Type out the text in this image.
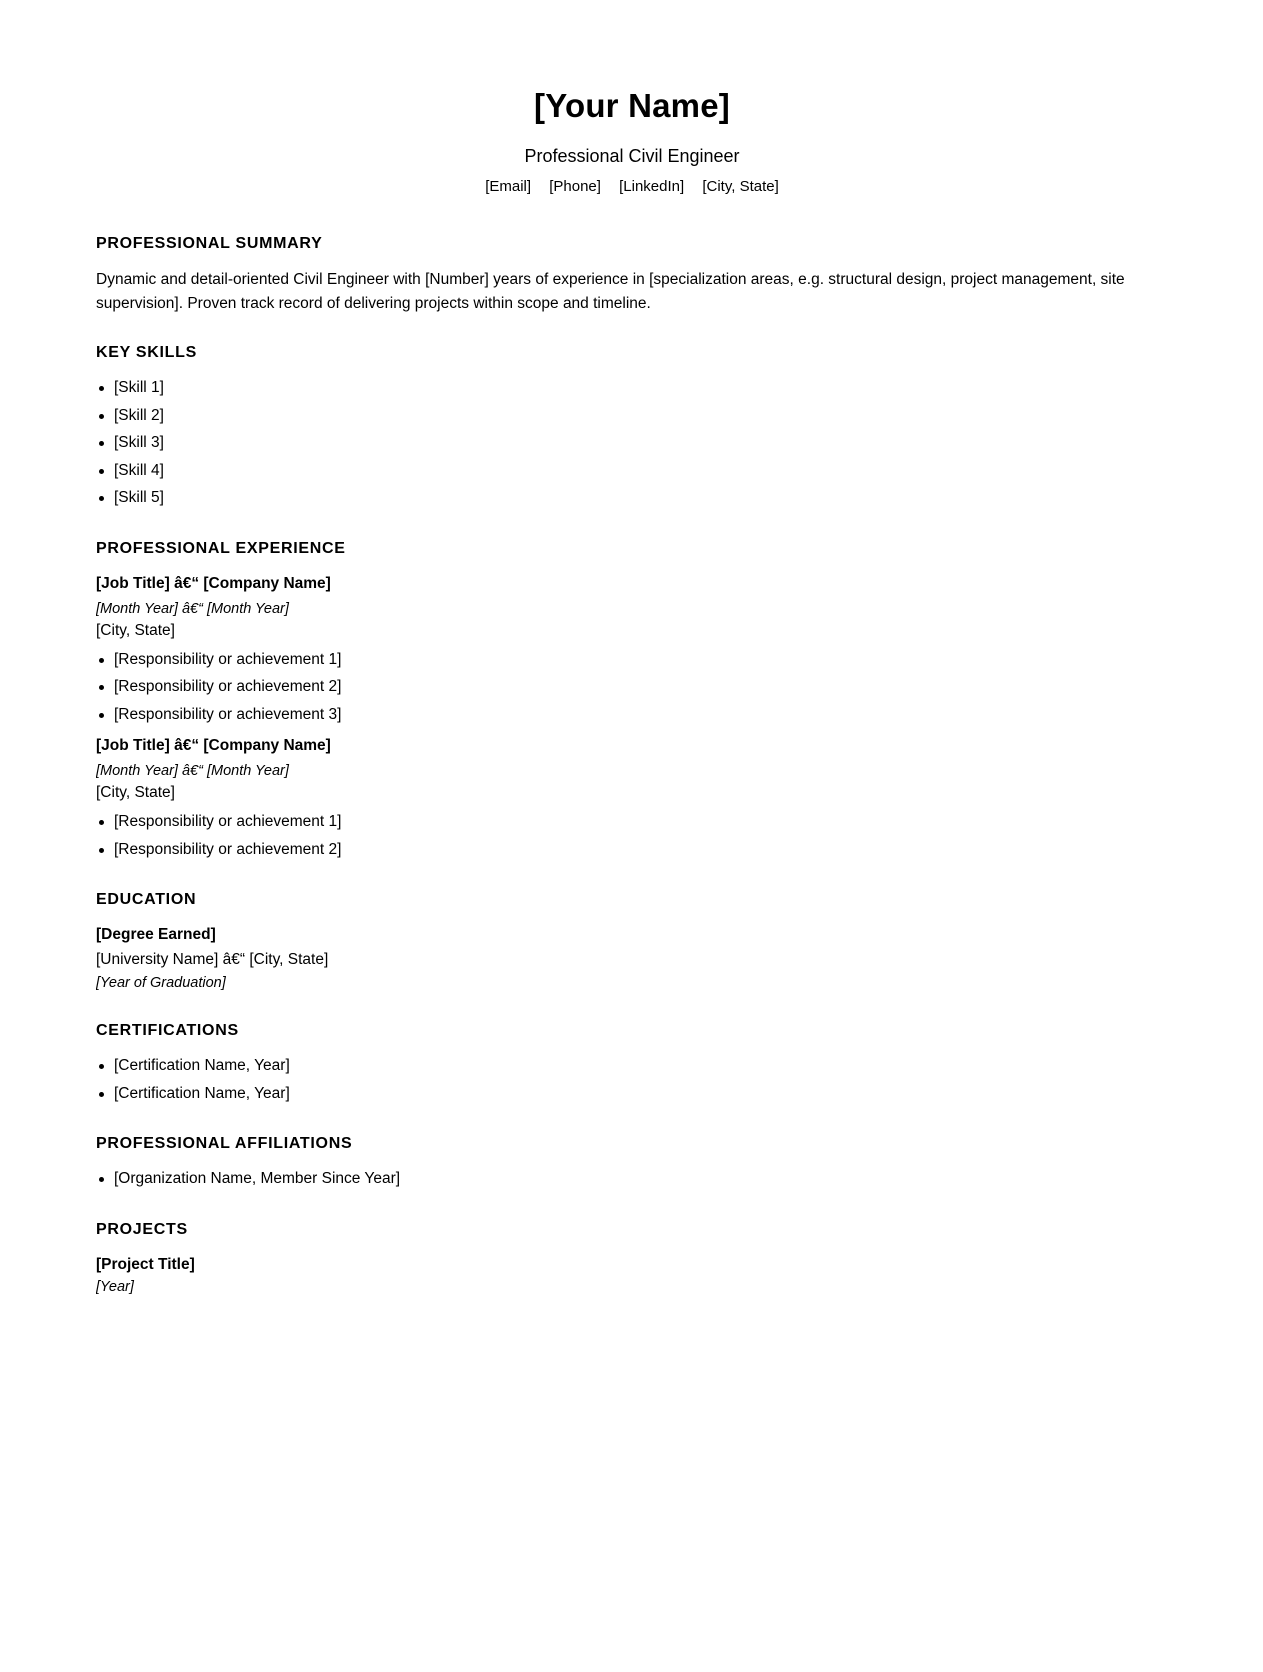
[Your Name]
Professional Civil Engineer
[Email] [Phone] [LinkedIn] [City, State]
PROFESSIONAL SUMMARY
Dynamic and detail-oriented Civil Engineer with [Number] years of experience in [specialization areas, e.g. structural design, project management, site supervision]. Proven track record of delivering projects within scope and timeline.
KEY SKILLS
[Skill 1]
[Skill 2]
[Skill 3]
[Skill 4]
[Skill 5]
PROFESSIONAL EXPERIENCE
[Job Title] â€“ [Company Name]
[Month Year] â€“ [Month Year]
[City, State]
[Responsibility or achievement 1]
[Responsibility or achievement 2]
[Responsibility or achievement 3]
[Job Title] â€“ [Company Name]
[Month Year] â€“ [Month Year]
[City, State]
[Responsibility or achievement 1]
[Responsibility or achievement 2]
EDUCATION
[Degree Earned]
[University Name] â€“ [City, State]
[Year of Graduation]
CERTIFICATIONS
[Certification Name, Year]
[Certification Name, Year]
PROFESSIONAL AFFILIATIONS
[Organization Name, Member Since Year]
PROJECTS
[Project Title]
[Year]
